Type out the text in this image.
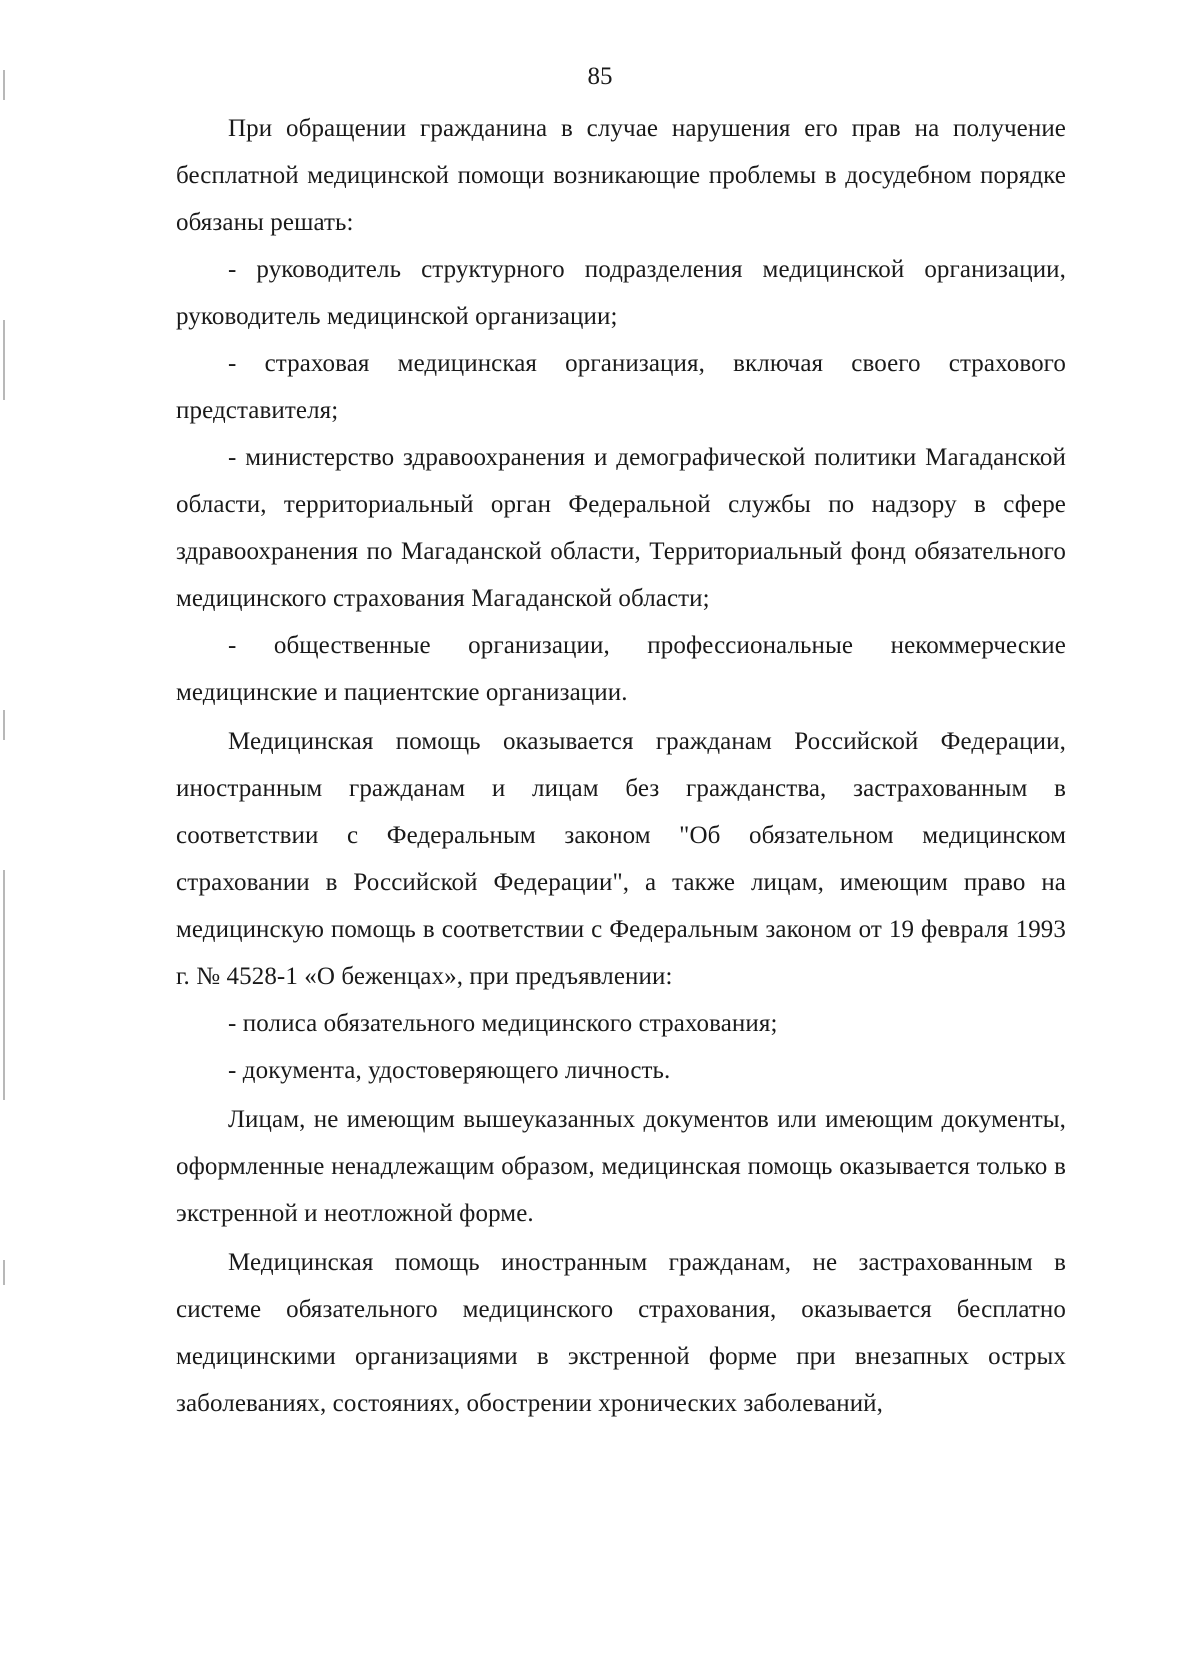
85

При обращении гражданина в случае нарушения его прав на получение бесплатной медицинской помощи возникающие проблемы в досудебном порядке обязаны решать:

- руководитель структурного подразделения медицинской организации, руководитель медицинской организации;

- страховая медицинская организация, включая своего страхового представителя;

- министерство здравоохранения и демографической политики Магаданской области, территориальный орган Федеральной службы по надзору в сфере здравоохранения по Магаданской области, Территориальный фонд обязательного медицинского страхования Магаданской области;

- общественные организации, профессиональные некоммерческие медицинские и пациентские организации.

Медицинская помощь оказывается гражданам Российской Федерации, иностранным гражданам и лицам без гражданства, застрахованным в соответствии с Федеральным законом "Об обязательном медицинском страховании в Российской Федерации", а также лицам, имеющим право на медицинскую помощь в соответствии с Федеральным законом от 19 февраля 1993 г. № 4528-1 «О беженцах», при предъявлении:

- полиса обязательного медицинского страхования;

- документа, удостоверяющего личность.

Лицам, не имеющим вышеуказанных документов или имеющим документы, оформленные ненадлежащим образом, медицинская помощь оказывается только в экстренной и неотложной форме.

Медицинская помощь иностранным гражданам, не застрахованным в системе обязательного медицинского страхования, оказывается бесплатно медицинскими организациями в экстренной форме при внезапных острых заболеваниях, состояниях, обострении хронических заболеваний,
